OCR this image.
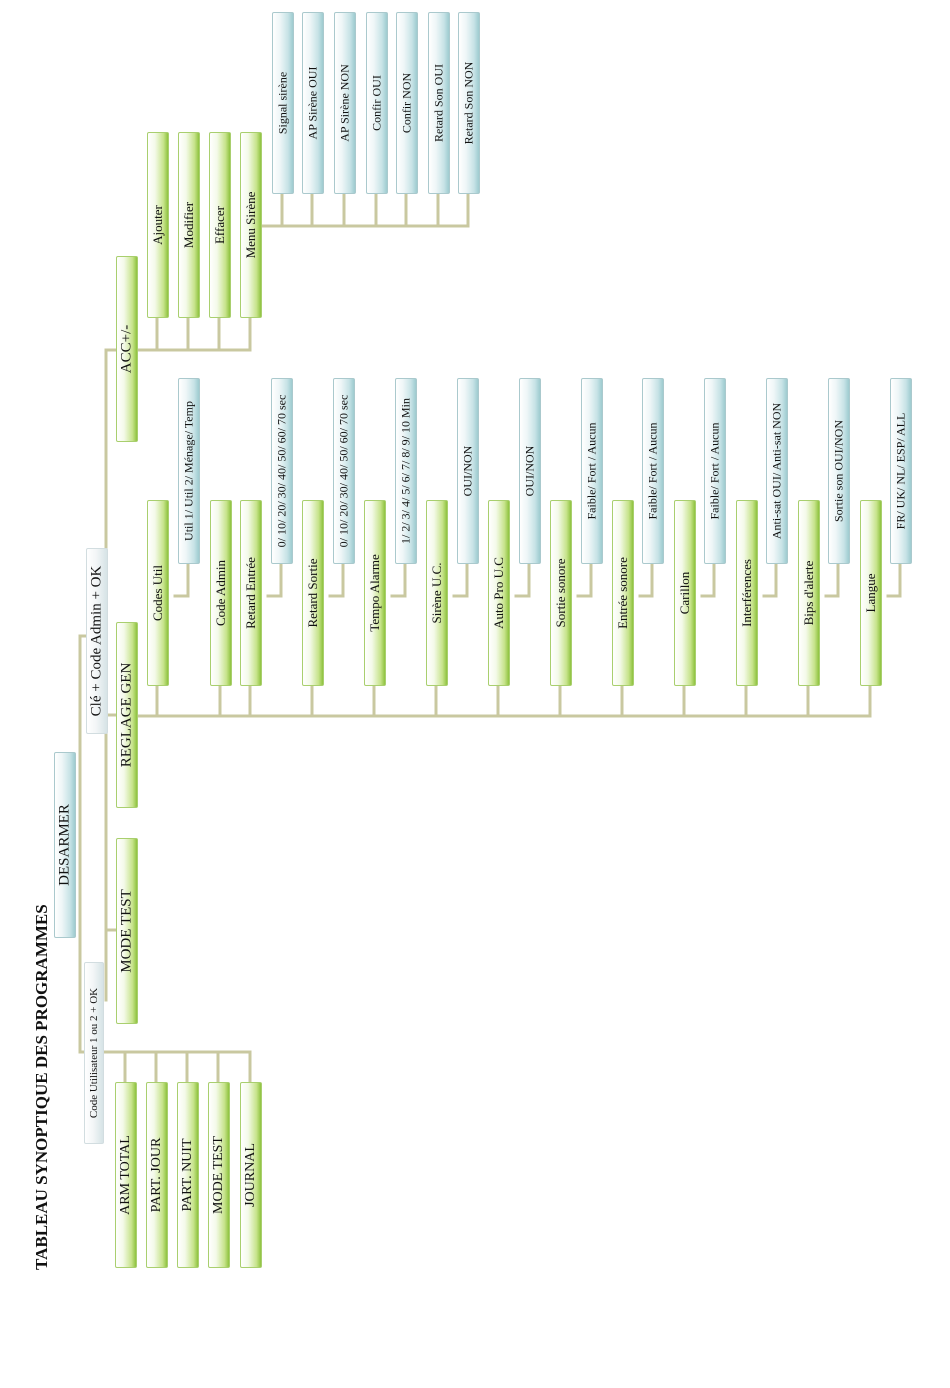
TABLEAU SYNOPTIQUE DES PROGRAMMES
DESARMER
Code Utilisateur 1 ou 2 + OK
Clé + Code Admin + OK
ARM TOTAL PART. JOUR PART. NUIT MODE TEST JOURNAL
MODE TEST
REGLAGE GEN
ACC+/-
Codes Util
Util 1/ Util 2/ Ménage/ Temp
Code Admin Retard Entrée
0/ 10/ 20/ 30/ 40/ 50/ 60/ 70 sec
Retard Sortie
0/ 10/ 20/ 30/ 40/ 50/ 60/ 70 sec
Tempo Alarme
1/ 2/ 3/ 4/ 5/ 6/ 7/ 8/ 9/ 10 Min
Sirène U.C.
OUI/NON
Auto Pro U.C
OUI/NON
Sortie sonore
Faible/ Fort / Aucun
Entrée sonore
Faible/ Fort / Aucun
Carillon
Faible/ Fort / Aucun
Interférences
Anti-sat OUI/ Anti-sat NON
Bips d'alerte
Sortie son OUI/NON
Langue
FR/ UK/ NL/ ESP/ ALL
Ajouter Modifier Effacer Menu Sirène
Signal sirène AP Sirène OUI AP Sirène NON Confir OUI Confir NON Retard Son OUI Retard Son NON
